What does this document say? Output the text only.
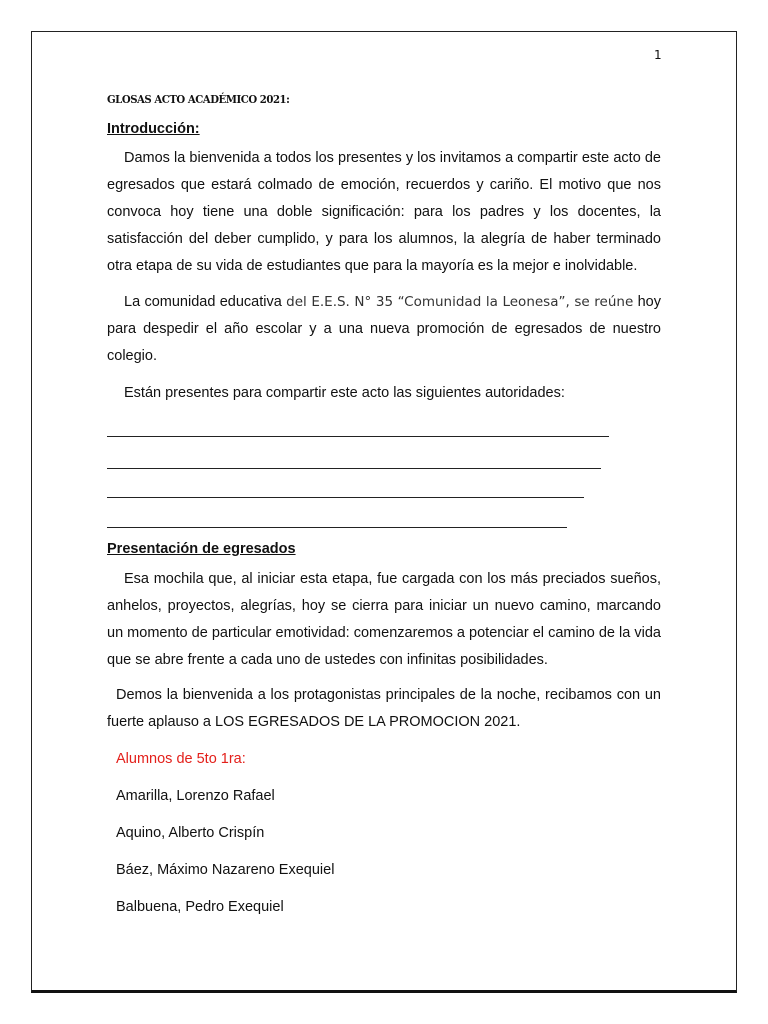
1
GLOSAS ACTO ACADÉMICO 2021:
Introducción:

Damos la bienvenida a todos los presentes y los invitamos a compartir este acto de egresados que estará colmado de emoción, recuerdos y cariño. El motivo que nos convoca hoy tiene una doble significación: para los padres y los docentes, la satisfacción del deber cumplido, y para los alumnos, la alegría de haber terminado otra etapa de su vida de estudiantes que para la mayoría es la mejor e inolvidable.

La comunidad educativa del E.E.S. N° 35 “Comunidad la Leonesa”, se reúne hoy para despedir el año escolar y a una nueva promoción de egresados de nuestro colegio.

Están presentes para compartir este acto las siguientes autoridades:

Presentación de egresados

Esa mochila que, al iniciar esta etapa, fue cargada con los más preciados sueños, anhelos, proyectos, alegrías, hoy se cierra para iniciar un nuevo camino, marcando un momento de particular emotividad: comenzaremos a potenciar el camino de la vida que se abre frente a cada uno de ustedes con infinitas posibilidades.

Demos la bienvenida a los protagonistas principales de la noche, recibamos con un fuerte aplauso a LOS EGRESADOS DE LA PROMOCION 2021.

Alumnos de 5to 1ra:
Amarilla, Lorenzo Rafael
Aquino, Alberto Crispín
Báez, Máximo Nazareno Exequiel
Balbuena, Pedro Exequiel
